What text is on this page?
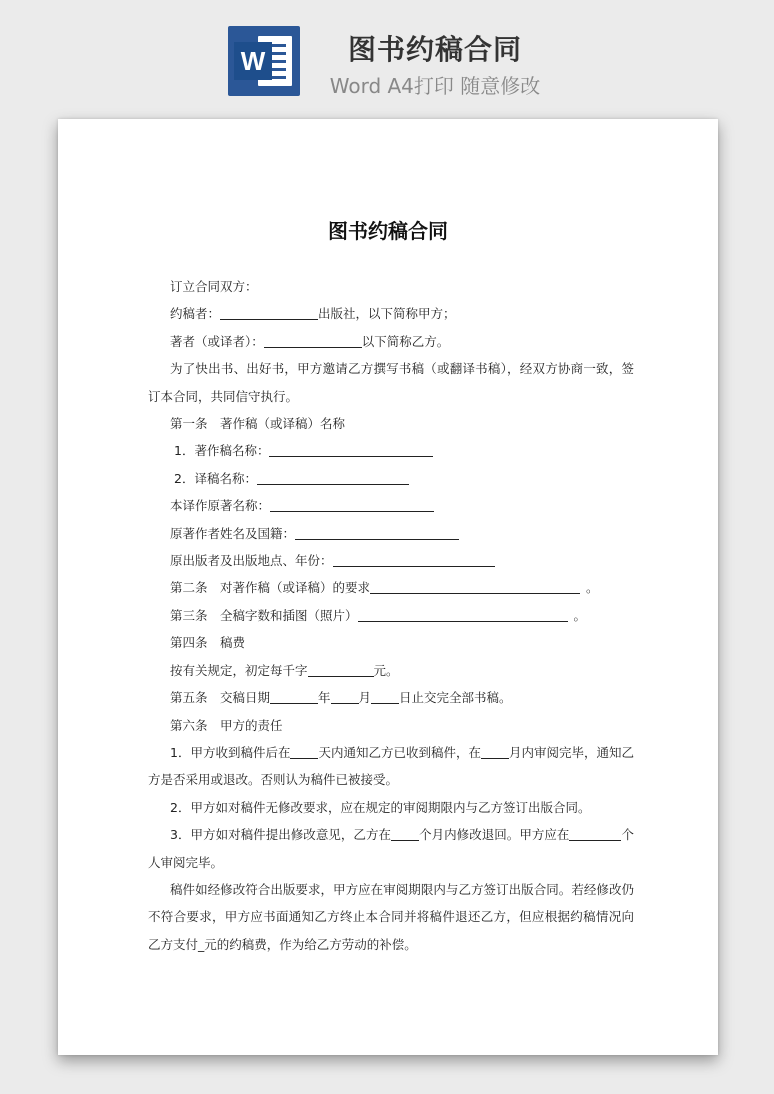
W	图书约稿合同
Word A4打印 随意修改
​
图书约稿合同

订立合同双方：

约稿者：	出版社，以下简称甲方；

著者（或译者）：	以下简称乙方。

为了快出书、出好书，甲方邀请乙方撰写书稿（或翻译书稿），经双方协商一致，签订本合同，共同信守执行。

第一条　著作稿（或译稿）名称

1．著作稿名称：

2．译稿名称：

本译作原著名称：

原著作者姓名及国籍：

原出版者及出版地点、年份：

第二条　对著作稿（或译稿）的要求	。

第三条　全稿字数和插图（照片）	。

第四条　稿费

按有关规定，初定每千字	元。

第五条　交稿日期	年 月 日止交完全部书稿。

第六条　甲方的责任

1．甲方收到稿件后在 天内通知乙方已收到稿件，在 月内审阅完毕，通知乙方是否采用或退改。否则认为稿件已被接受。

2．甲方如对稿件无修改要求，应在规定的审阅期限内与乙方签订出版合同。

3．甲方如对稿件提出修改意见，乙方在 个月内修改退回。甲方应在	个人审阅完毕。

稿件如经修改符合出版要求，甲方应在审阅期限内与乙方签订出版合同。若经修改仍不符合要求，甲方应书面通知乙方终止本合同并将稿件退还乙方，但应根据约稿情况向乙方支付_元的约稿费，作为给乙方劳动的补偿。
